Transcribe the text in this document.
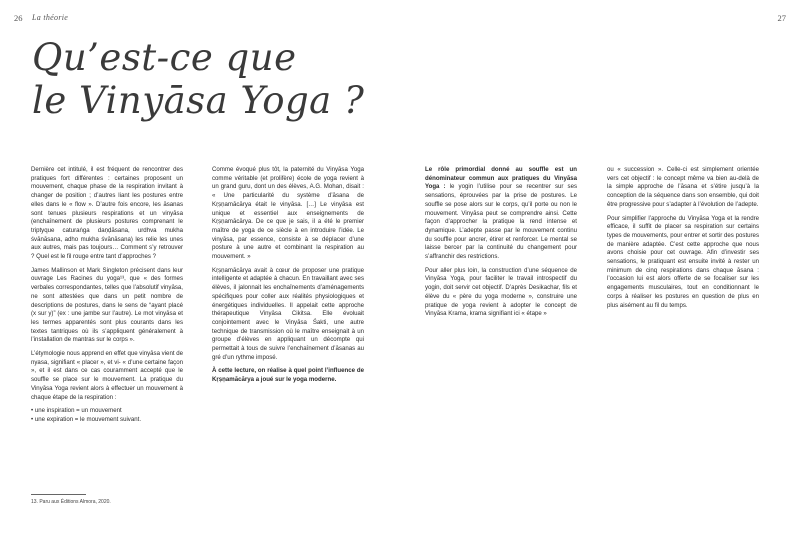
26 La théorie	27
Qu’est-ce que
le Vinyāsa Yoga ?

Dernière cet intitulé, il est fréquent de rencontrer des pratiques fort différentes : certaines proposent un mouvement, chaque phase de la respiration invitant à changer de position ; d’autres liant les postures entre elles dans le « flow ». D’autre fois encore, les āsanas sont tenues plusieurs respirations et un vinyāsa (enchaînement de plusieurs postures comprenant le triptyque caturaṅga daṇḍāsana, urdhva mukha śvānāsana, adho mukha śvānāsana) les relie les unes aux autres, mais pas toujours… Comment s’y retrouver ? Quel est le fil rouge entre tant d’approches ?

James Mallinson et Mark Singleton précisent dans leur ouvrage Les Racines du yoga¹³, que « des formes verbales correspondantes, telles que l’absolutif vinyāsa, ne sont attestées que dans un petit nombre de descriptions de postures, dans le sens de “ayant placé (x sur y)” (ex : une jambe sur l’autre). Le mot vinyāsa et les termes apparentés sont plus courants dans les textes tantriques où ils s’appliquent généralement à l’installation de mantras sur le corps ».

L’étymologie nous apprend en effet que vinyāsa vient de nyasa, signifiant « placer », et vi- « d’une certaine façon », et il est dans ce cas couramment accepté que le souffle se place sur le mouvement. La pratique du Vinyāsa Yoga revient alors à effectuer un mouvement à chaque étape de la respiration :

• une inspiration = un mouvement
• une expiration = le mouvement suivant.

Comme évoqué plus tôt, la paternité du Vinyāsa Yoga comme véritable (et prolifère) école de yoga revient à un grand guru, dont un des élèves, A.G. Mohan, disait : « Une particularité du système d’āsana de Kṛṣṇamācārya était le vinyāsa. […] Le vinyāsa est unique et essentiel aux enseignements de Kṛṣṇamācārya. De ce que je sais, il a été le premier maître de yoga de ce siècle à en introduire l’idée. Le vinyāsa, par essence, consiste à se déplacer d’une posture à une autre et combinant la respiration au mouvement. »

Kṛṣṇamācārya avait à cœur de proposer une pratique intelligente et adaptée à chacun. En travaillant avec ses élèves, il jalonnait les enchaînements d’aménagements spécifiques pour coller aux réalités physiologiques et énergétiques individuelles. Il appelait cette approche thérapeutique Vinyāsa Cikitsa. Elle évoluait conjointement avec le Vinyāsa Śakti, une autre technique de transmission où le maître enseignait à un groupe d’élèves en appliquant un décompte qui permettait à tous de suivre l’enchaînement d’āsanas au gré d’un rythme imposé.

À cette lecture, on réalise à quel point l’influence de Kṛṣṇamācārya a joué sur le yoga moderne.

Le rôle primordial donné au souffle est un dénominateur commun aux pratiques du Vinyāsa Yoga : le yogin l’utilise pour se recentrer sur ses sensations, éprouvées par la prise de postures. Le souffle se pose alors sur le corps, qu’il porte ou non le mouvement. Vinyāsa peut se comprendre ainsi. Cette façon d’approcher la pratique la rend intense et dynamique. L’adepte passe par le mouvement continu du souffle pour ancrer, étirer et renforcer. Le mental se laisse bercer par la continuité du changement pour s’affranchir des restrictions.

Pour aller plus loin, la construction d’une séquence de Vinyāsa Yoga, pour faciliter le travail introspectif du yogin, doit servir cet objectif. D’après Desikachar, fils et élève du « père du yoga moderne », construire une pratique de yoga revient à adopter le concept de Vinyāsa Krama, krama signifiant ici « étape »

ou « succession ». Celle-ci est simplement orientée vers cet objectif : le concept même va bien au-delà de la simple approche de l’āsana et s’étire jusqu’à la conception de la séquence dans son ensemble, qui doit être progressive pour s’adapter à l’évolution de l’adepte.

Pour simplifier l’approche du Vinyāsa Yoga et la rendre efficace, il suffit de placer sa respiration sur certains types de mouvements, pour entrer et sortir des postures de manière adaptée. C’est cette approche que nous avons choisie pour cet ouvrage. Afin d’investir ses sensations, le pratiquant est ensuite invité à rester un minimum de cinq respirations dans chaque āsana : l’occasion lui est alors offerte de se focaliser sur les engagements musculaires, tout en conditionnant le corps à réaliser les postures en question de plus en plus aisément au fil du temps.

13. Paru aux Éditions Almora, 2020.
